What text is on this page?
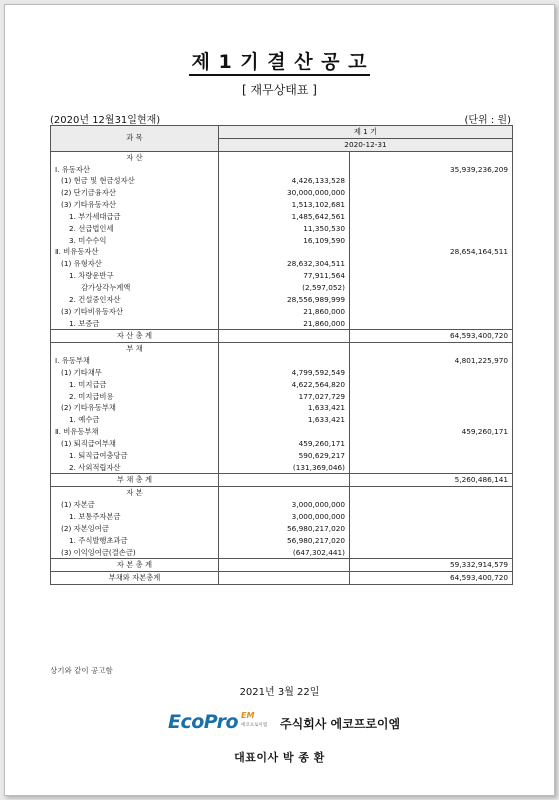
제 1 기 결 산 공 고
[ 재무상태표 ]
(2020년 12월31일현재)	(단위 : 원)
과 목	제 1 기	
	2020-12-31	
자 산		
Ⅰ. 유동자산		35,939,236,209
(1) 현금 및 현금성자산	4,426,133,528	
(2) 단기금융자산	30,000,000,000	
(3) 기타유동자산	1,513,102,681	
1. 부가세대급금	1,485,642,561	
2. 선급법인세	11,350,530	
3. 미수수익	16,109,590	
Ⅱ. 비유동자산		28,654,164,511
(1) 유형자산	28,632,304,511	
1. 차량운반구	77,911,564	
감가상각누계액	(2,597,052)	
2. 건설중인자산	28,556,989,999	
(3) 기타비유동자산	21,860,000	
1. 보증금	21,860,000	
자 산 총 계		64,593,400,720
부 채		
Ⅰ. 유동부채		4,801,225,970
(1) 기타채무	4,799,592,549	
1. 미지급금	4,622,564,820	
2. 미지급비용	177,027,729	
(2) 기타유동부채	1,633,421	
1. 예수금	1,633,421	
Ⅱ. 비유동부채		459,260,171
(1) 퇴직급여부채	459,260,171	
1. 퇴직급여충당금	590,629,217	
2. 사외적립자산	(131,369,046)	
부 채 총 계		5,260,486,141
자 본		
(1) 자본금	3,000,000,000	
1. 보통주자본금	3,000,000,000	
(2) 자본잉여금	56,980,217,020	
1. 주식발행초과금	56,980,217,020	
(3) 이익잉여금(결손금)	(647,302,441)	
자 본 총 계		59,332,914,579
부채와 자본총계		64,593,400,720
상기와 같이 공고함
2021년 3월 22일
EcoPro EM
에코프로이엠 주식회사 에코프로이엠
대표이사 박 종 환
